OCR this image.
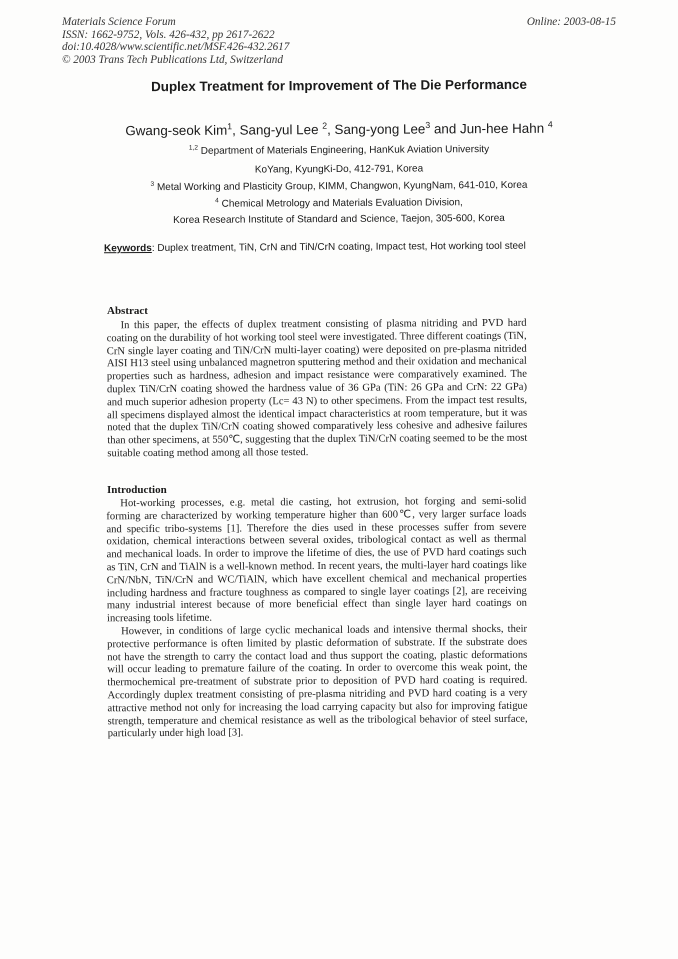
Materials Science Forum
ISSN: 1662-9752, Vols. 426-432, pp 2617-2622
doi:10.4028/www.scientific.net/MSF.426-432.2617
© 2003 Trans Tech Publications Ltd, Switzerland
Online: 2003-08-15
Duplex Treatment for Improvement of The Die Performance
Gwang-seok Kim$^1$, Sang-yul Lee $^2$, Sang-yong Lee$^3$ and Jun-hee Hahn $^4$
$^{1,2}$ Department of Materials Engineering, HanKuk Aviation University
KoYang, KyungKi-Do, 412-791, Korea
$^3$ Metal Working and Plasticity Group, KIMM, Changwon, KyungNam, 641-010, Korea
$^4$ Chemical Metrology and Materials Evaluation Division,
Korea Research Institute of Standard and Science, Taejon, 305-600, Korea
Keywords: Duplex treatment, TiN, CrN and TiN/CrN coating, Impact test, Hot working tool steel
Abstract

In this paper, the effects of duplex treatment consisting of plasma nitriding and PVD hard coating on the durability of hot working tool steel were investigated. Three different coatings (TiN, CrN single layer coating and TiN/CrN multi-layer coating) were deposited on pre-plasma nitrided AISI H13 steel using unbalanced magnetron sputtering method and their oxidation and mechanical properties such as hardness, adhesion and impact resistance were comparatively examined. The duplex TiN/CrN coating showed the hardness value of 36 GPa (TiN: 26 GPa and CrN: 22 GPa) and much superior adhesion property (Lc= 43 N) to other specimens. From the impact test results, all specimens displayed almost the identical impact characteristics at room temperature, but it was noted that the duplex TiN/CrN coating showed comparatively less cohesive and adhesive failures than other specimens, at 550℃, suggesting that the duplex TiN/CrN coating seemed to be the most suitable coating method among all those tested.

Introduction

Hot-working processes, e.g. metal die casting, hot extrusion, hot forging and semi-solid forming are characterized by working temperature higher than 600℃, very larger surface loads and specific tribo-systems [1]. Therefore the dies used in these processes suffer from severe oxidation, chemical interactions between several oxides, tribological contact as well as thermal and mechanical loads. In order to improve the lifetime of dies, the use of PVD hard coatings such as TiN, CrN and TiAlN is a well-known method. In recent years, the multi-layer hard coatings like CrN/NbN, TiN/CrN and WC/TiAlN, which have excellent chemical and mechanical properties including hardness and fracture toughness as compared to single layer coatings [2], are receiving many industrial interest because of more beneficial effect than single layer hard coatings on increasing tools lifetime.

However, in conditions of large cyclic mechanical loads and intensive thermal shocks, their protective performance is often limited by plastic deformation of substrate. If the substrate does not have the strength to carry the contact load and thus support the coating, plastic deformations will occur leading to premature failure of the coating. In order to overcome this weak point, the thermochemical pre-treatment of substrate prior to deposition of PVD hard coating is required. Accordingly duplex treatment consisting of pre-plasma nitriding and PVD hard coating is a very attractive method not only for increasing the load carrying capacity but also for improving fatigue strength, temperature and chemical resistance as well as the tribological behavior of steel surface, particularly under high load [3].
